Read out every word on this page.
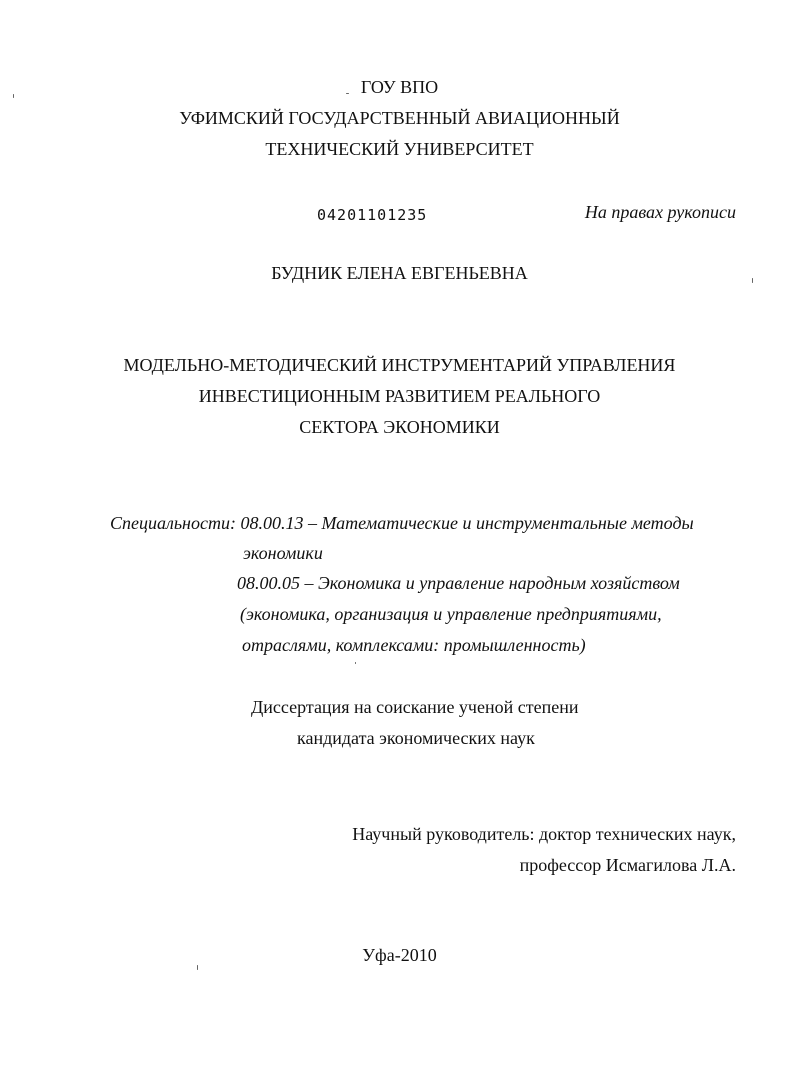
ГОУ ВПО
УФИМСКИЙ ГОСУДАРСТВЕННЫЙ АВИАЦИОННЫЙ
ТЕХНИЧЕСКИЙ УНИВЕРСИТЕТ
04201101235	На правах рукописи
БУДНИК ЕЛЕНА ЕВГЕНЬЕВНА
МОДЕЛЬНО-МЕТОДИЧЕСКИЙ ИНСТРУМЕНТАРИЙ УПРАВЛЕНИЯ
ИНВЕСТИЦИОННЫМ РАЗВИТИЕМ РЕАЛЬНОГО
СЕКТОРА ЭКОНОМИКИ
Специальности: 08.00.13 – Математические и инструментальные методы
экономики
08.00.05 – Экономика и управление народным хозяйством
(экономика, организация и управление предприятиями,
отраслями, комплексами: промышленность)
Диссертация на соискание ученой степени
кандидата экономических наук
Научный руководитель: доктор технических наук,
профессор Исмагилова Л.А.
Уфа-2010
